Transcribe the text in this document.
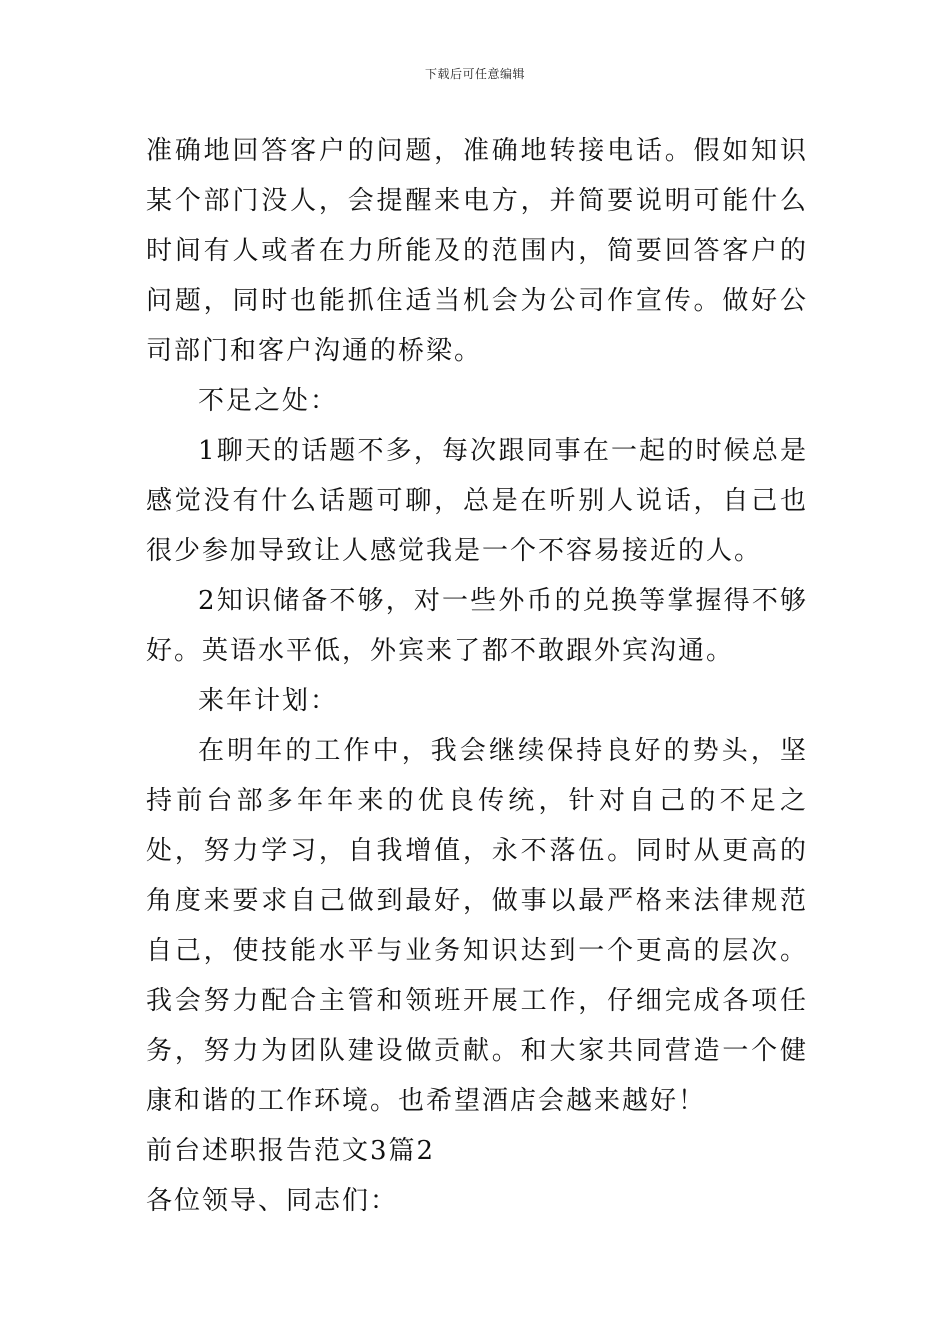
下载后可任意编辑

准确地回答客户的问题，准确地转接电话。假如知识某个部门没人，会提醒来电方，并简要说明可能什么时间有人或者在力所能及的范围内，简要回答客户的问题，同时也能抓住适当机会为公司作宣传。做好公司部门和客户沟通的桥梁。

不足之处：

1聊天的话题不多，每次跟同事在一起的时候总是感觉没有什么话题可聊，总是在听别人说话，自己也很少参加导致让人感觉我是一个不容易接近的人。

2知识储备不够，对一些外币的兑换等掌握得不够好。英语水平低，外宾来了都不敢跟外宾沟通。

来年计划：

在明年的工作中，我会继续保持良好的势头，坚持前台部多年年来的优良传统，针对自己的不足之处，努力学习，自我增值，永不落伍。同时从更高的角度来要求自己做到最好，做事以最严格来法律规范自己，使技能水平与业务知识达到一个更高的层次。我会努力配合主管和领班开展工作，仔细完成各项任务，努力为团队建设做贡献。和大家共同营造一个健康和谐的工作环境。也希望酒店会越来越好！

前台述职报告范文3篇2

各位领导、同志们：
